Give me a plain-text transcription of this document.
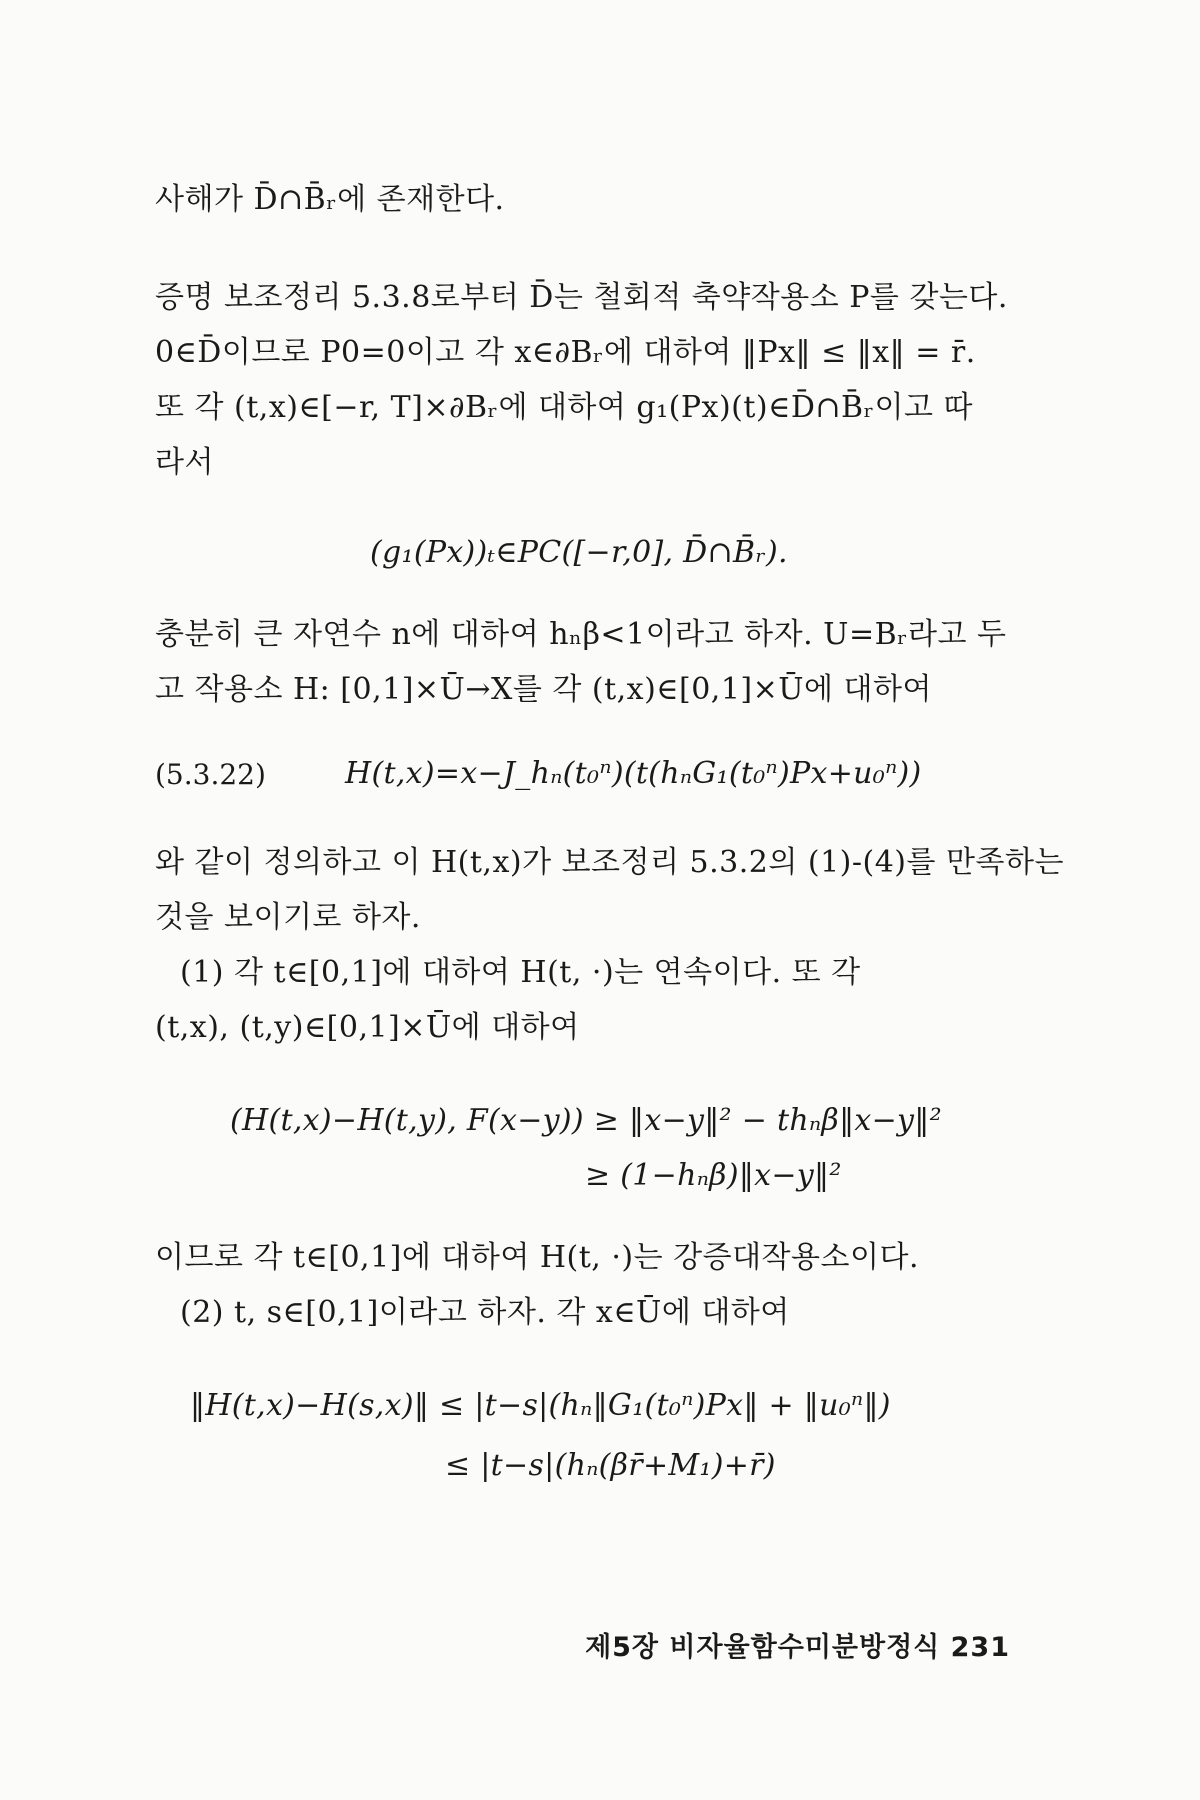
사해가 D̄∩B̄ᵣ에 존재한다.
증명 보조정리 5.3.8로부터 D̄는 철회적 축약작용소 P를 갖는다.
0∈D̄이므로 P0=0이고 각 x∈∂Bᵣ에 대하여 ‖Px‖ ≤ ‖x‖ = r̄.
또 각 (t,x)∈[−r, T]×∂Bᵣ에 대하여 g₁(Px)(t)∈D̄∩B̄ᵣ이고 따
라서
(g₁(Px))ₜ∈PC([−r,0], D̄∩B̄ᵣ).
충분히 큰 자연수 n에 대하여 hₙβ<1이라고 하자. U=Bᵣ라고 두
고 작용소 H: [0,1]×Ū→X를 각 (t,x)∈[0,1]×Ū에 대하여
(5.3.22)	H(t,x)=x−J_hₙ(t₀ⁿ)(t(hₙG₁(t₀ⁿ)Px+u₀ⁿ))
와 같이 정의하고 이 H(t,x)가 보조정리 5.3.2의 (1)-(4)를 만족하는
것을 보이기로 하자.
(1) 각 t∈[0,1]에 대하여 H(t, ·)는 연속이다. 또 각
(t,x), (t,y)∈[0,1]×Ū에 대하여
(H(t,x)−H(t,y), F(x−y)) ≥ ‖x−y‖² − thₙβ‖x−y‖²
≥ (1−hₙβ)‖x−y‖²
이므로 각 t∈[0,1]에 대하여 H(t, ·)는 강증대작용소이다.
(2) t, s∈[0,1]이라고 하자. 각 x∈Ū에 대하여
‖H(t,x)−H(s,x)‖ ≤ |t−s|(hₙ‖G₁(t₀ⁿ)Px‖ + ‖u₀ⁿ‖)
≤ |t−s|(hₙ(βr̄+M₁)+r̄)
제5장 비자율함수미분방정식 231
